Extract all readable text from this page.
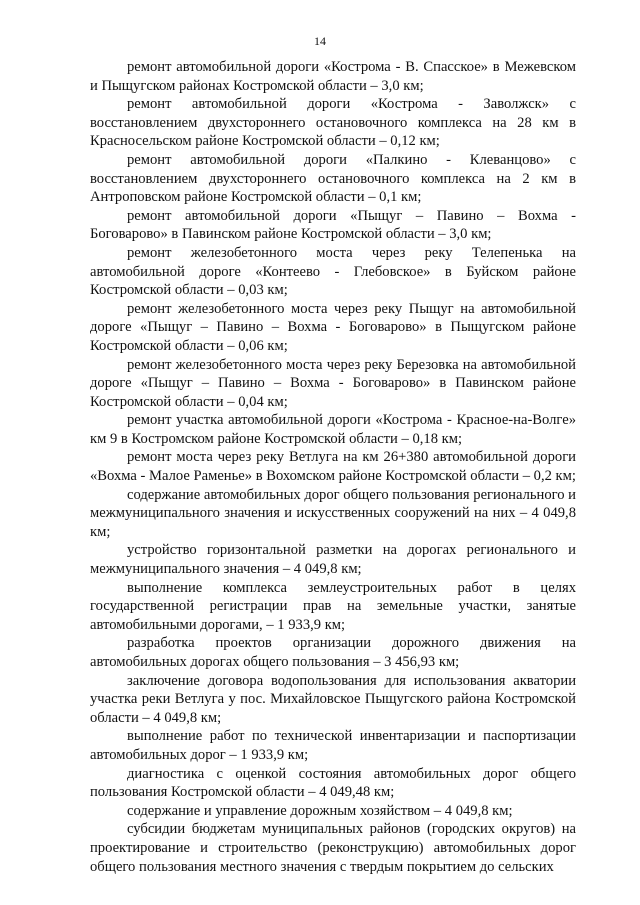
14

ремонт автомобильной дороги «Кострома - В. Спасское» в Межевском и Пыщугском районах Костромской области – 3,0 км;

ремонт автомобильной дороги «Кострома - Заволжск» с восстановлением двухстороннего остановочного комплекса на 28 км в Красносельском районе Костромской области – 0,12 км;

ремонт автомобильной дороги «Палкино - Клеванцово» с восстановлением двухстороннего остановочного комплекса на 2 км в Антроповском районе Костромской области – 0,1 км;

ремонт автомобильной дороги «Пыщуг – Павино – Вохма - Боговарово» в Павинском районе Костромской области – 3,0 км;

ремонт железобетонного моста через реку Телепенька на автомобильной дороге «Контеево - Глебовское» в Буйском районе Костромской области – 0,03 км;

ремонт железобетонного моста через реку Пыщуг на автомобильной дороге «Пыщуг – Павино – Вохма - Боговарово» в Пыщугском районе Костромской области – 0,06 км;

ремонт железобетонного моста через реку Березовка на автомобильной дороге «Пыщуг – Павино – Вохма - Боговарово» в Павинском районе Костромской области – 0,04 км;

ремонт участка автомобильной дороги «Кострома - Красное-на-Волге» км 9 в Костромском районе Костромской области – 0,18 км;

ремонт моста через реку Ветлуга на км 26+380 автомобильной дороги «Вохма - Малое Раменье» в Вохомском районе Костромской области – 0,2 км;

содержание автомобильных дорог общего пользования регионального и межмуниципального значения и искусственных сооружений на них – 4 049,8 км;

устройство горизонтальной разметки на дорогах регионального и межмуниципального значения – 4 049,8 км;

выполнение комплекса землеустроительных работ в целях государственной регистрации прав на земельные участки, занятые автомобильными дорогами, – 1 933,9 км;

разработка проектов организации дорожного движения на автомобильных дорогах общего пользования – 3 456,93 км;

заключение договора водопользования для использования акватории участка реки Ветлуга у пос. Михайловское Пыщугского района Костромской области – 4 049,8 км;

выполнение работ по технической инвентаризации и паспортизации автомобильных дорог – 1 933,9 км;

диагностика с оценкой состояния автомобильных дорог общего пользования Костромской области – 4 049,48 км;

содержание и управление дорожным хозяйством – 4 049,8 км;

субсидии бюджетам муниципальных районов (городских округов) на проектирование и строительство (реконструкцию) автомобильных дорог общего пользования местного значения с твердым покрытием до сельских
